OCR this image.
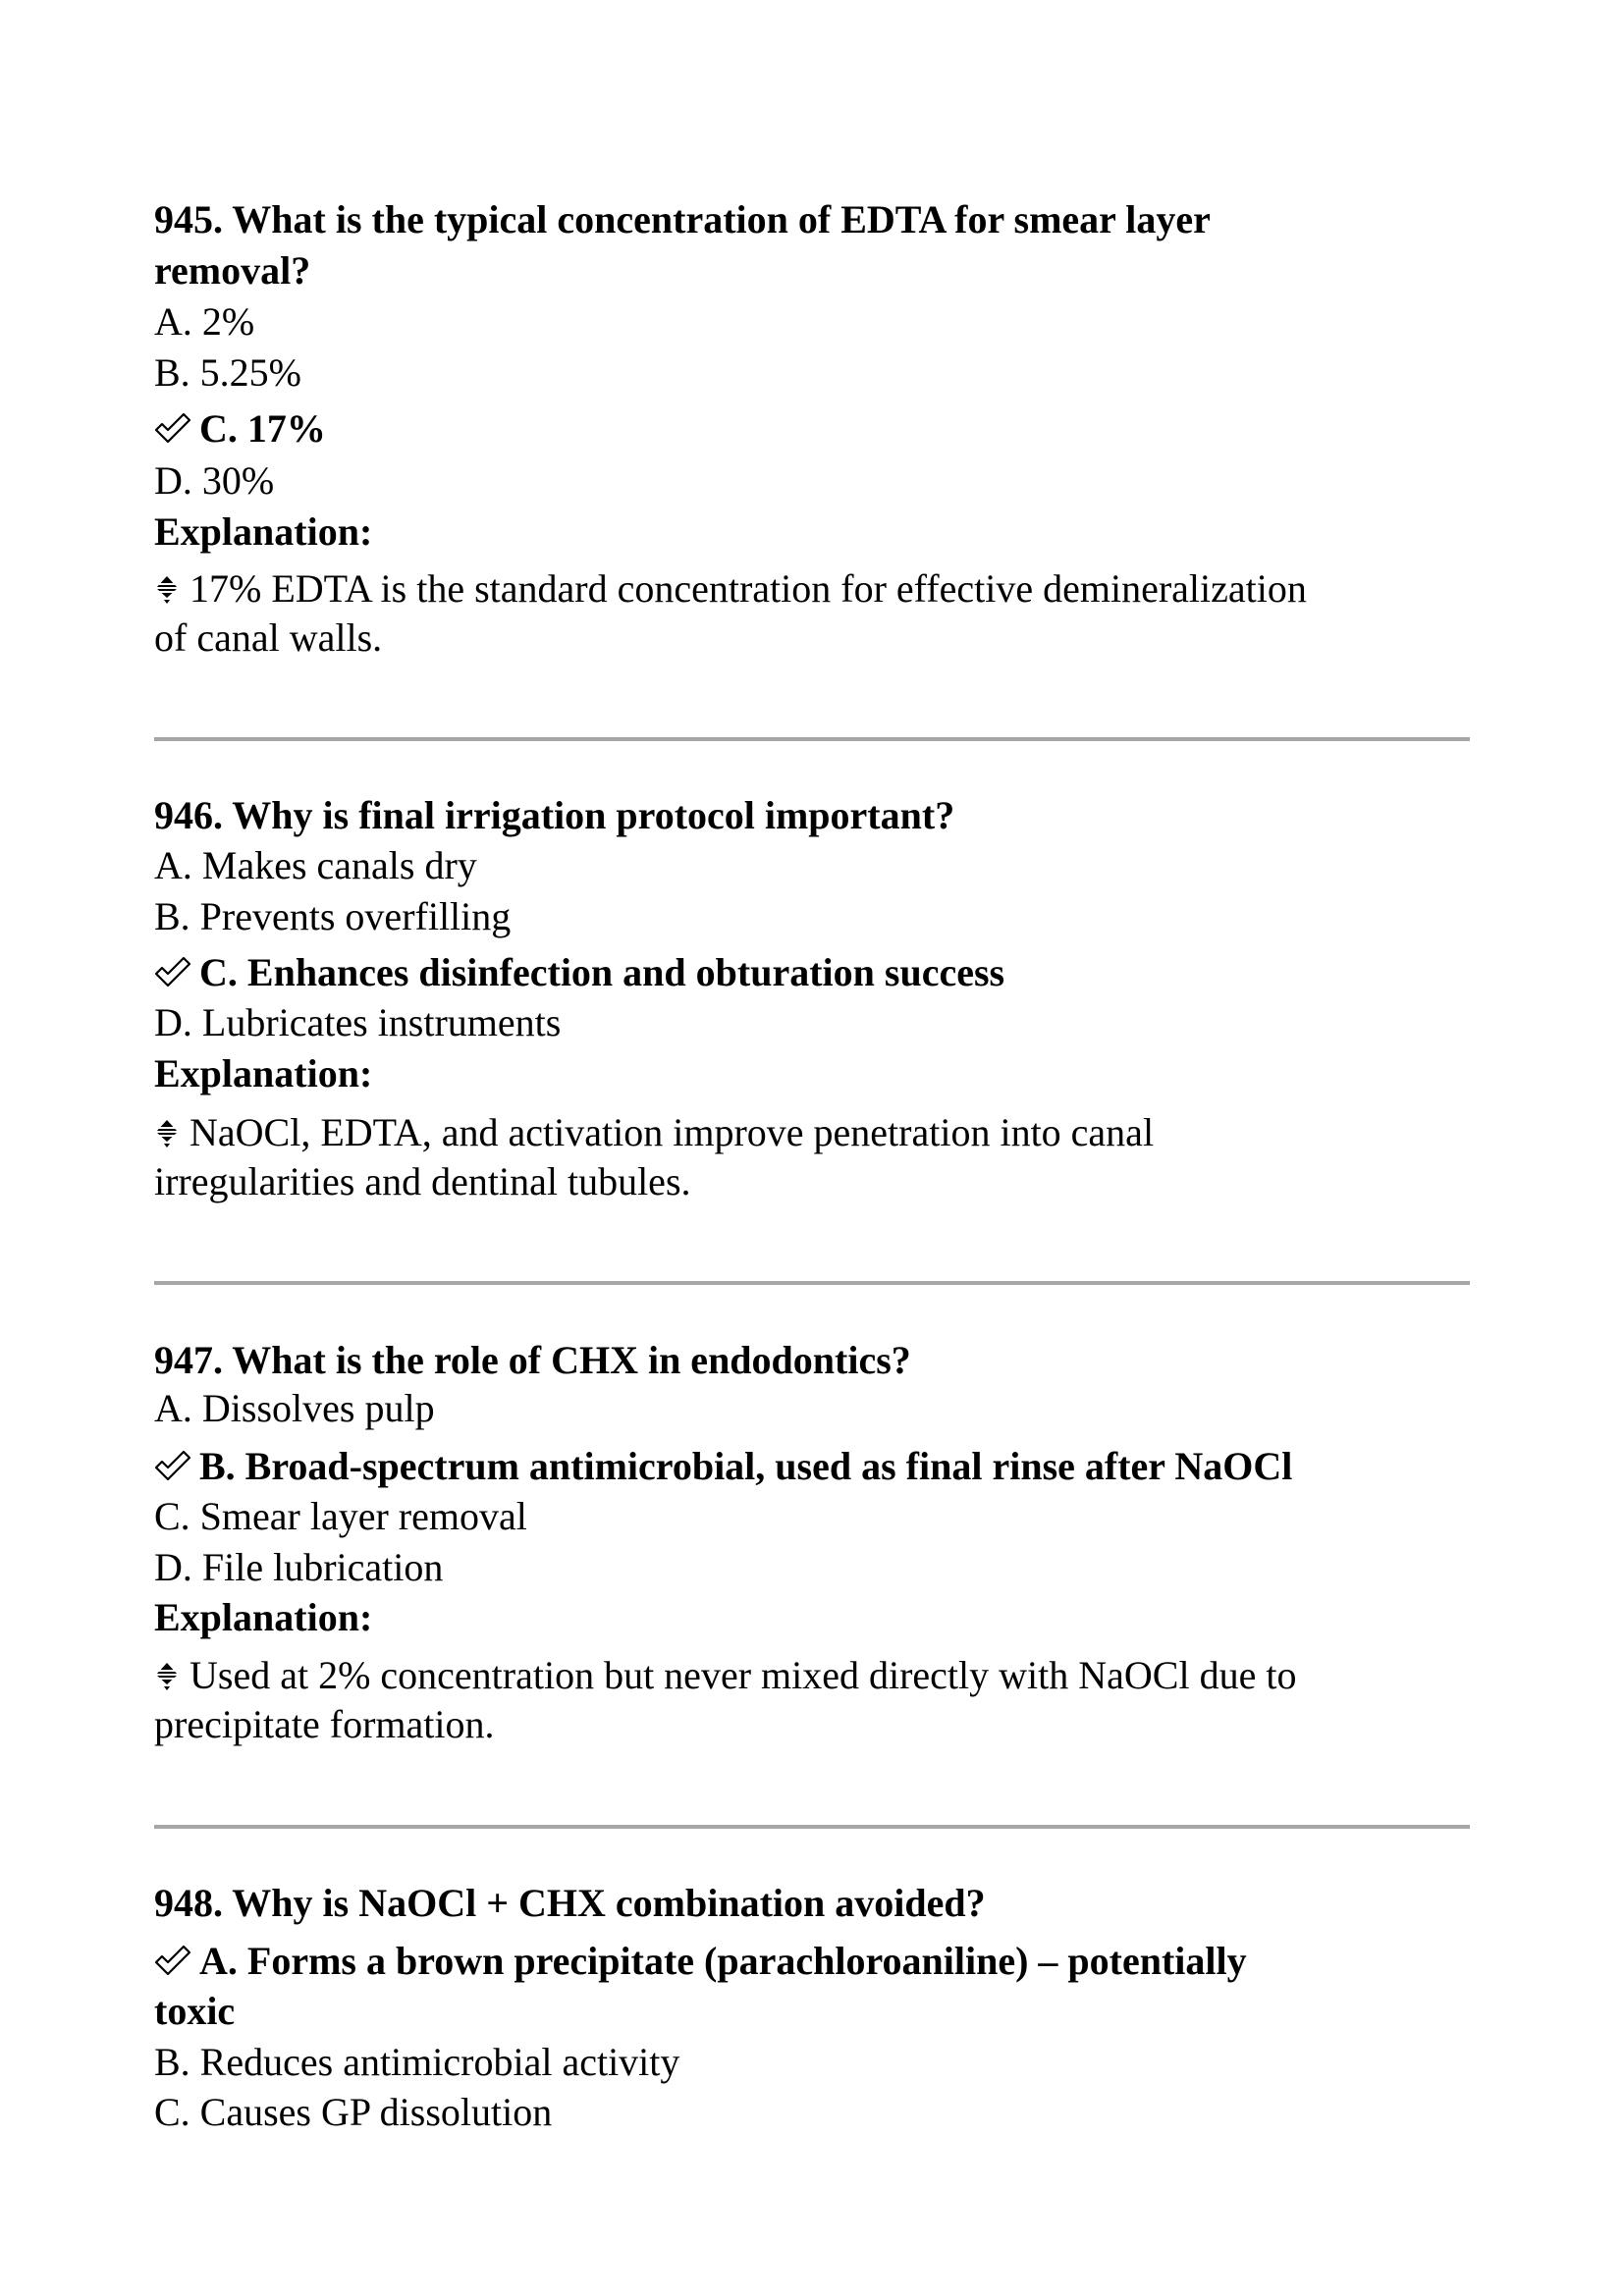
945. What is the typical concentration of EDTA for smear layer
removal?
A. 2%
B. 5.25%
C. 17%
D. 30%
Explanation:
17% EDTA is the standard concentration for effective demineralization
of canal walls.
946. Why is final irrigation protocol important?
A. Makes canals dry
B. Prevents overfilling
C. Enhances disinfection and obturation success
D. Lubricates instruments
Explanation:
NaOCl, EDTA, and activation improve penetration into canal
irregularities and dentinal tubules.
947. What is the role of CHX in endodontics?
A. Dissolves pulp
B. Broad-spectrum antimicrobial, used as final rinse after NaOCl
C. Smear layer removal
D. File lubrication
Explanation:
Used at 2% concentration but never mixed directly with NaOCl due to
precipitate formation.
948. Why is NaOCl + CHX combination avoided?
A. Forms a brown precipitate (parachloroaniline) – potentially
toxic
B. Reduces antimicrobial activity
C. Causes GP dissolution
